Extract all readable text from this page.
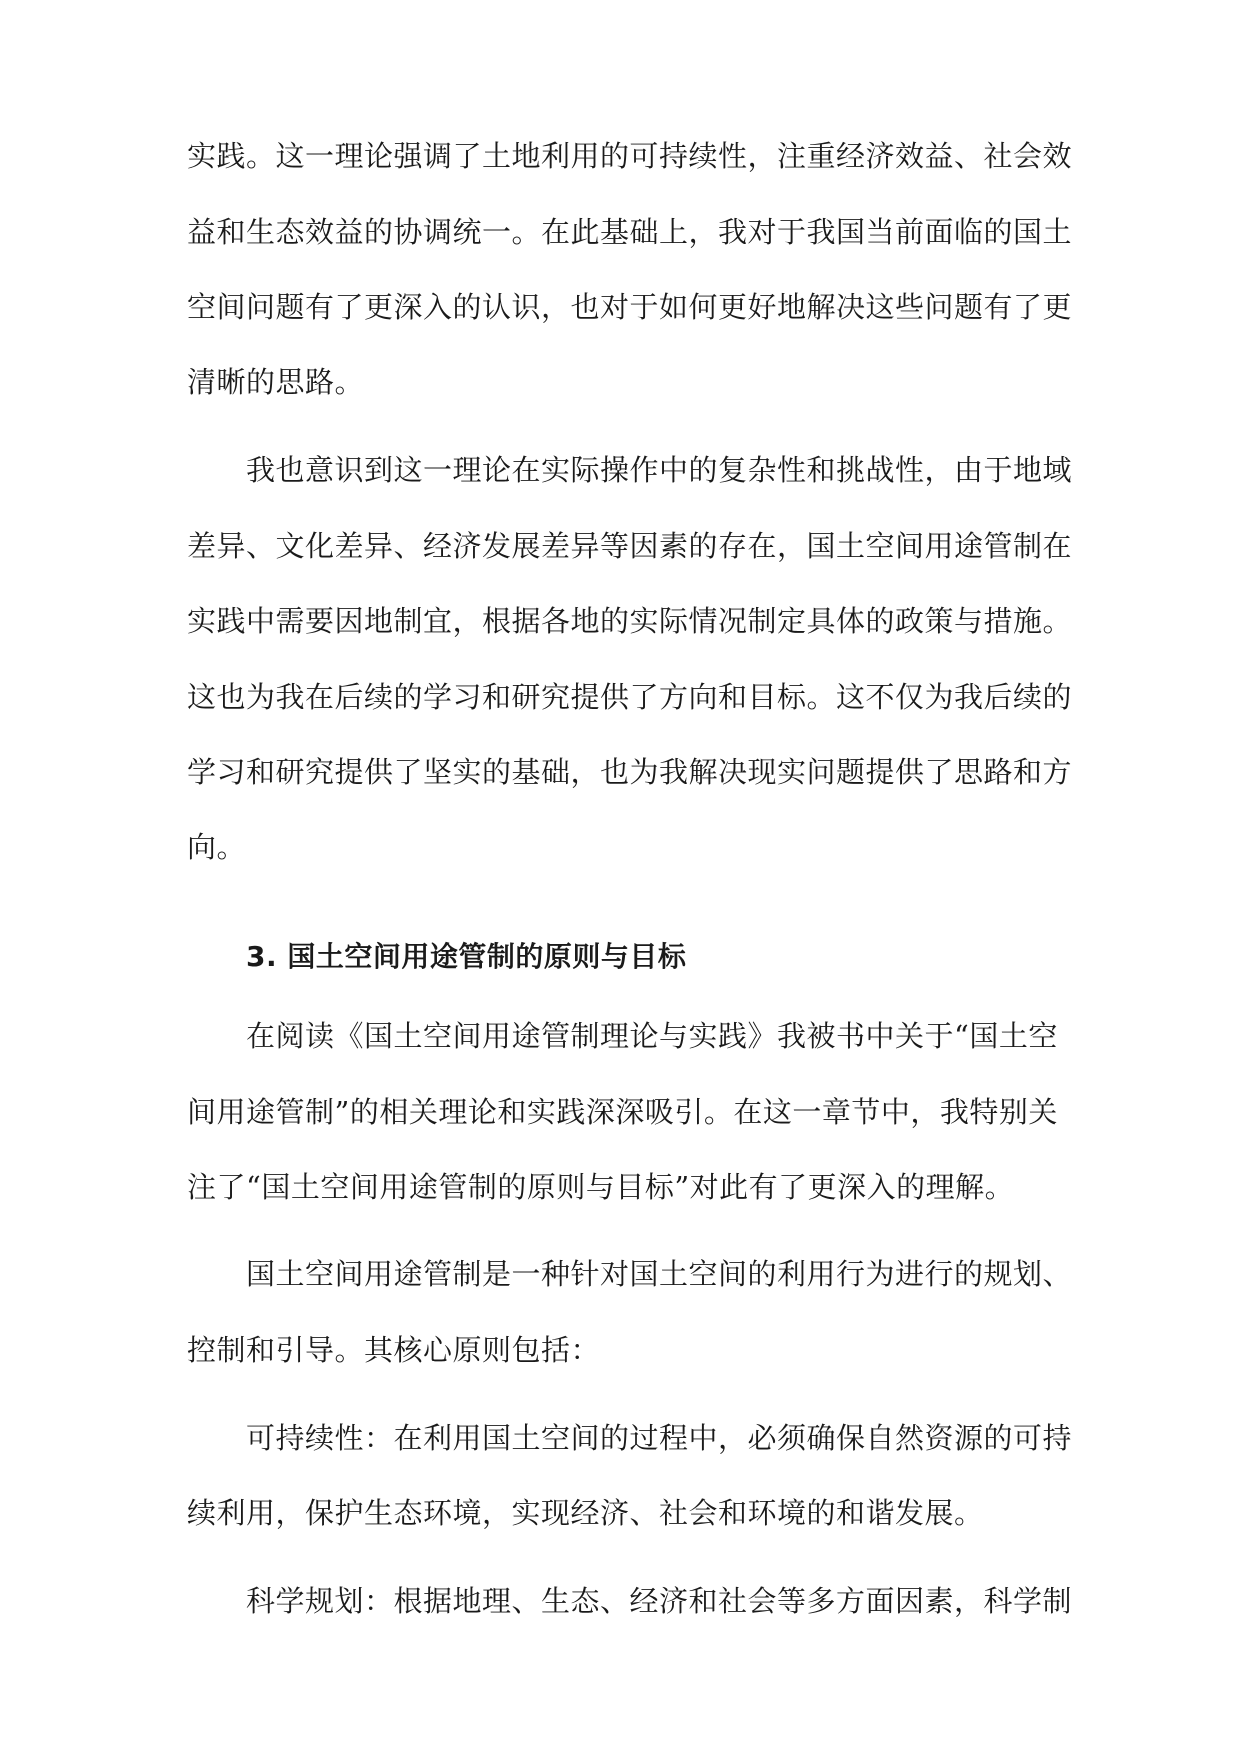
实践。这一理论强调了土地利用的可持续性，注重经济效益、社会效
益和生态效益的协调统一。在此基础上，我对于我国当前面临的国土
空间问题有了更深入的认识，也对于如何更好地解决这些问题有了更
清晰的思路。
我也意识到这一理论在实际操作中的复杂性和挑战性，由于地域
差异、文化差异、经济发展差异等因素的存在，国土空间用途管制在
实践中需要因地制宜，根据各地的实际情况制定具体的政策与措施。
这也为我在后续的学习和研究提供了方向和目标。这不仅为我后续的
学习和研究提供了坚实的基础，也为我解决现实问题提供了思路和方
向。
3. 国土空间用途管制的原则与目标
在阅读《国土空间用途管制理论与实践》我被书中关于“国土空
间用途管制”的相关理论和实践深深吸引。在这一章节中，我特别关
注了“国土空间用途管制的原则与目标”对此有了更深入的理解。
国土空间用途管制是一种针对国土空间的利用行为进行的规划、
控制和引导。其核心原则包括：
可持续性：在利用国土空间的过程中，必须确保自然资源的可持
续利用，保护生态环境，实现经济、社会和环境的和谐发展。
科学规划：根据地理、生态、经济和社会等多方面因素，科学制
